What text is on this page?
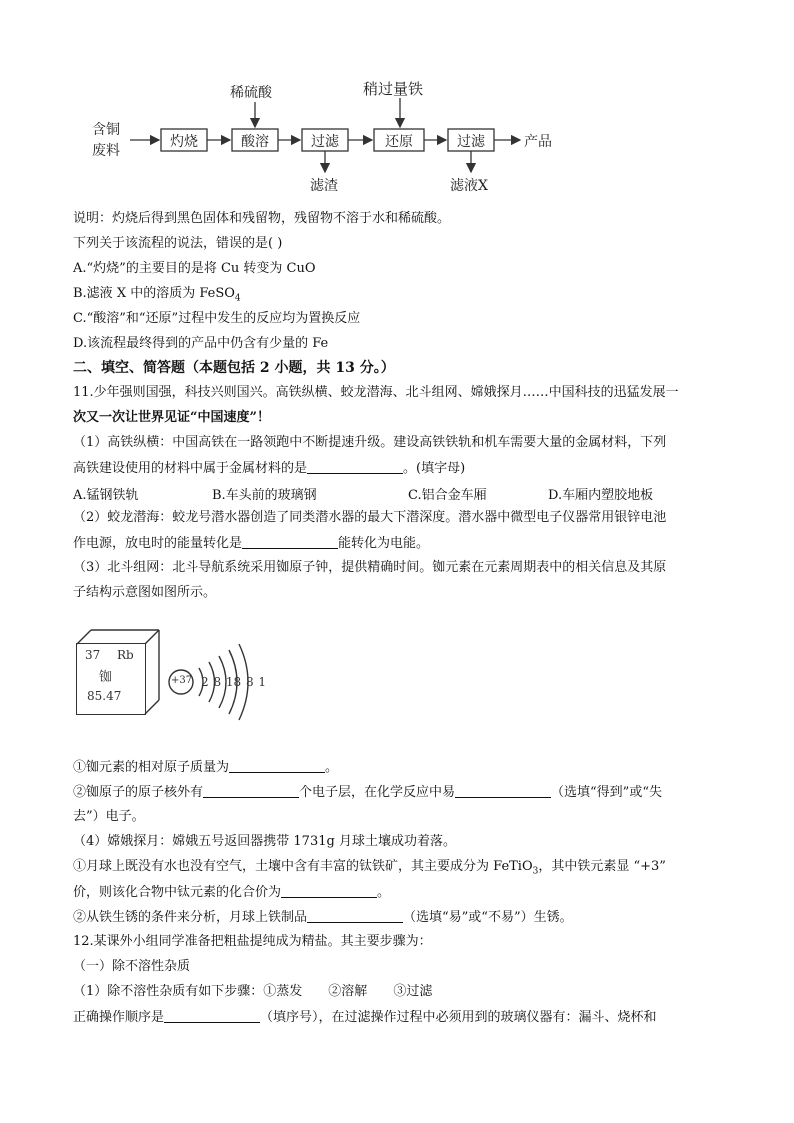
含铜
废料
灼烧	酸溶	过滤	还原	过滤
稀硫酸	稍过量铁
滤渣	滤液X
产品
说明：灼烧后得到黑色固体和残留物，残留物不溶于水和稀硫酸。
下列关于该流程的说法，错误的是( )
A.“灼烧”的主要目的是将 Cu 转变为 CuO
B.滤液 X 中的溶质为 FeSO$_4$
C.“酸溶”和“还原”过程中发生的反应均为置换反应
D.该流程最终得到的产品中仍含有少量的 Fe
二、填空、简答题（本题包括 2 小题，共 13 分。）
11.少年强则国强，科技兴则国兴。高铁纵横、蛟龙潜海、北斗组网、嫦娥探月……中国科技的迅猛发展一
次又一次让世界见证“中国速度”！
（1）高铁纵横：中国高铁在一路领跑中不断提速升级。建设高铁铁轨和机车需要大量的金属材料，下列
高铁建设使用的材料中属于金属材料的是	。(填字母)
A.锰钢铁轨	B.车头前的玻璃钢	C.铝合金车厢	D.车厢内塑胶地板
（2）蛟龙潜海：蛟龙号潜水器创造了同类潜水器的最大下潜深度。潜水器中微型电子仪器常用银锌电池
作电源，放电时的能量转化是	能转化为电能。
（3）北斗组网：北斗导航系统采用铷原子钟，提供精确时间。铷元素在元素周期表中的相关信息及其原
子结构示意图如图所示。
37 Rb
铷
85.47
+37 2 8 18 8 1
①铷元素的相对原子质量为	。
②铷原子的原子核外有	个电子层，在化学反应中易	（选填“得到”或“失
去”）电子。
（4）嫦娥探月：嫦娥五号返回器携带 1731g 月球土壤成功着落。
①月球上既没有水也没有空气，土壤中含有丰富的钛铁矿，其主要成分为 FeTiO$_3$，其中铁元素显 “+3”
价，则该化合物中钛元素的化合价为	。
②从铁生锈的条件来分析，月球上铁制品	（选填“易”或“不易”）生锈。
12.某课外小组同学准备把粗盐提纯成为精盐。其主要步骤为：
（一）除不溶性杂质
（1）除不溶性杂质有如下步骤：①蒸发 ②溶解 ③过滤
正确操作顺序是	（填序号），在过滤操作过程中必须用到的玻璃仪器有：漏斗、烧杯和
